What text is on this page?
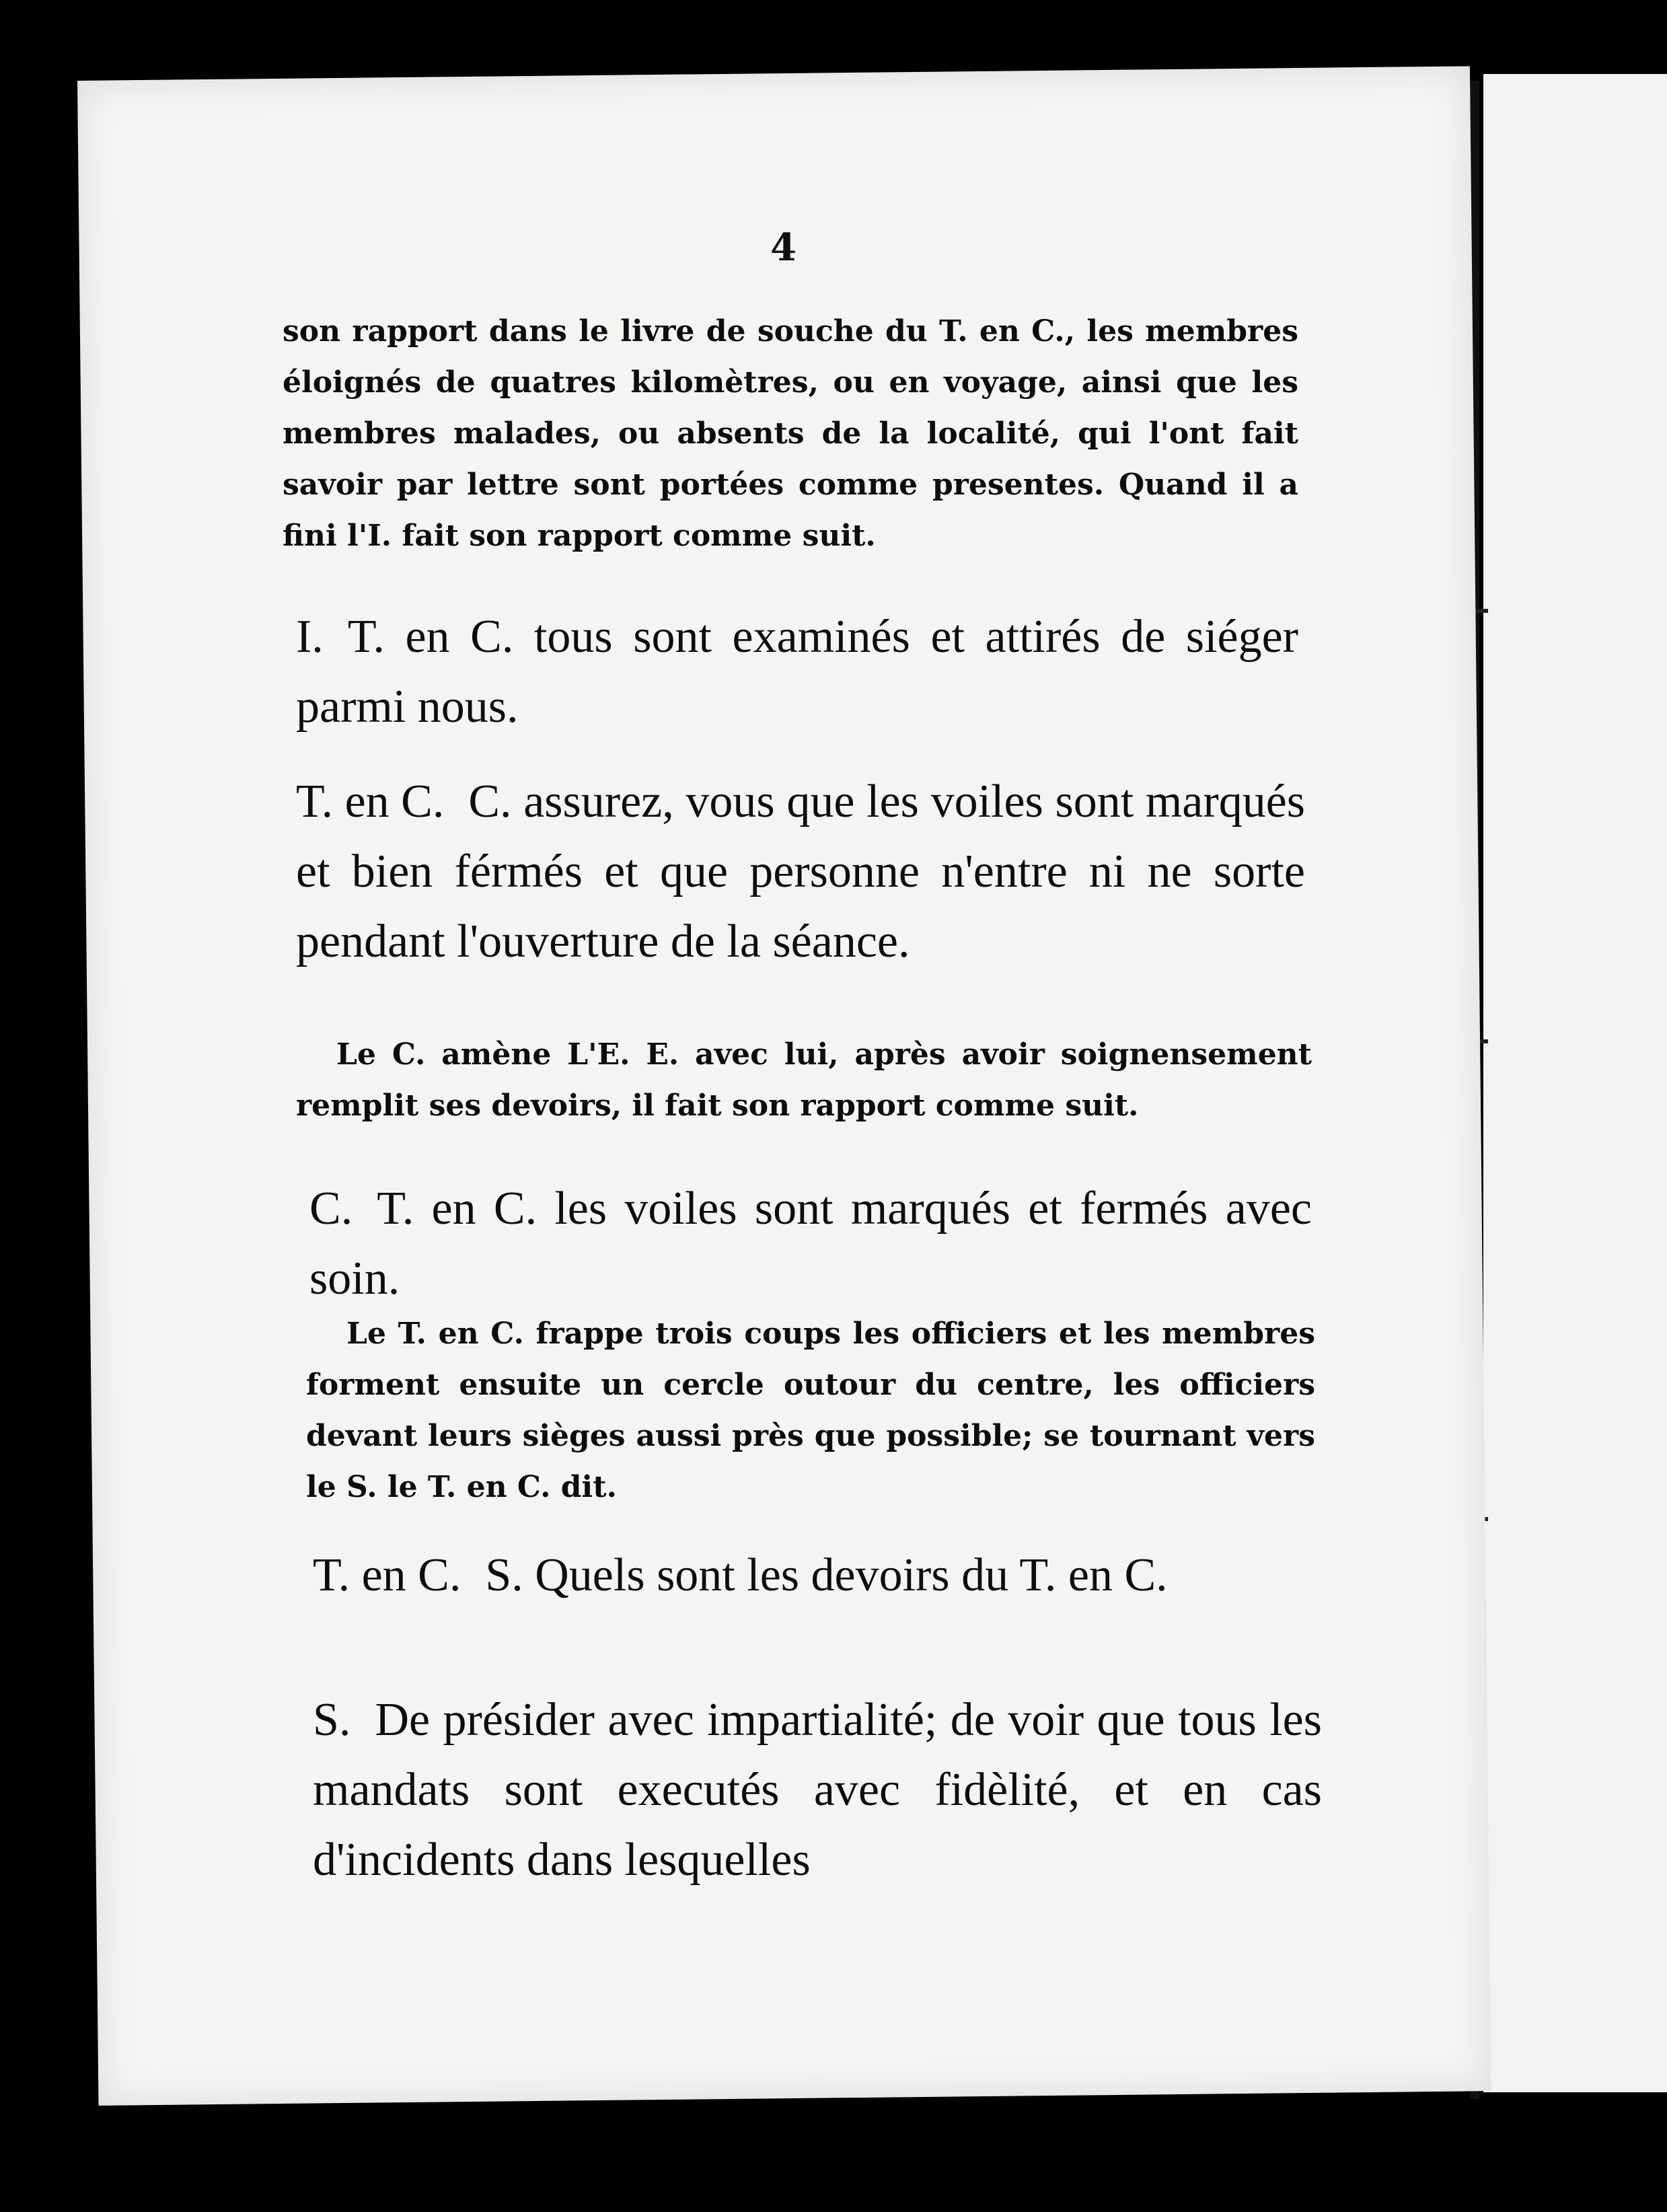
4

son rapport dans le livre de souche du T. en C., les membres éloignés de quatres kilomètres, ou en voyage, ainsi que les membres malades, ou absents de la localité, qui l'ont fait savoir par lettre sont portées comme presentes. Quand il a fini l'I. fait son rapport comme suit.

I. T. en C. tous sont examinés et attirés de siéger parmi nous.

T. en C. C. assurez, vous que les voiles sont marqués et bien férmés et que personne n'entre ni ne sorte pendant l'ouverture de la séance.

Le C. amène L'E. E. avec lui, après avoir soignensement remplit ses devoirs, il fait son rapport comme suit.

C. T. en C. les voiles sont marqués et fermés avec soin.

Le T. en C. frappe trois coups les officiers et les membres forment ensuite un cercle outour du centre, les officiers devant leurs sièges aussi près que possible; se tournant vers le S. le T. en C. dit.

T. en C. S. Quels sont les devoirs du T. en C.

S. De présider avec impartialité; de voir que tous les mandats sont executés avec fidèlité, et en cas d'incidents dans lesquelles
